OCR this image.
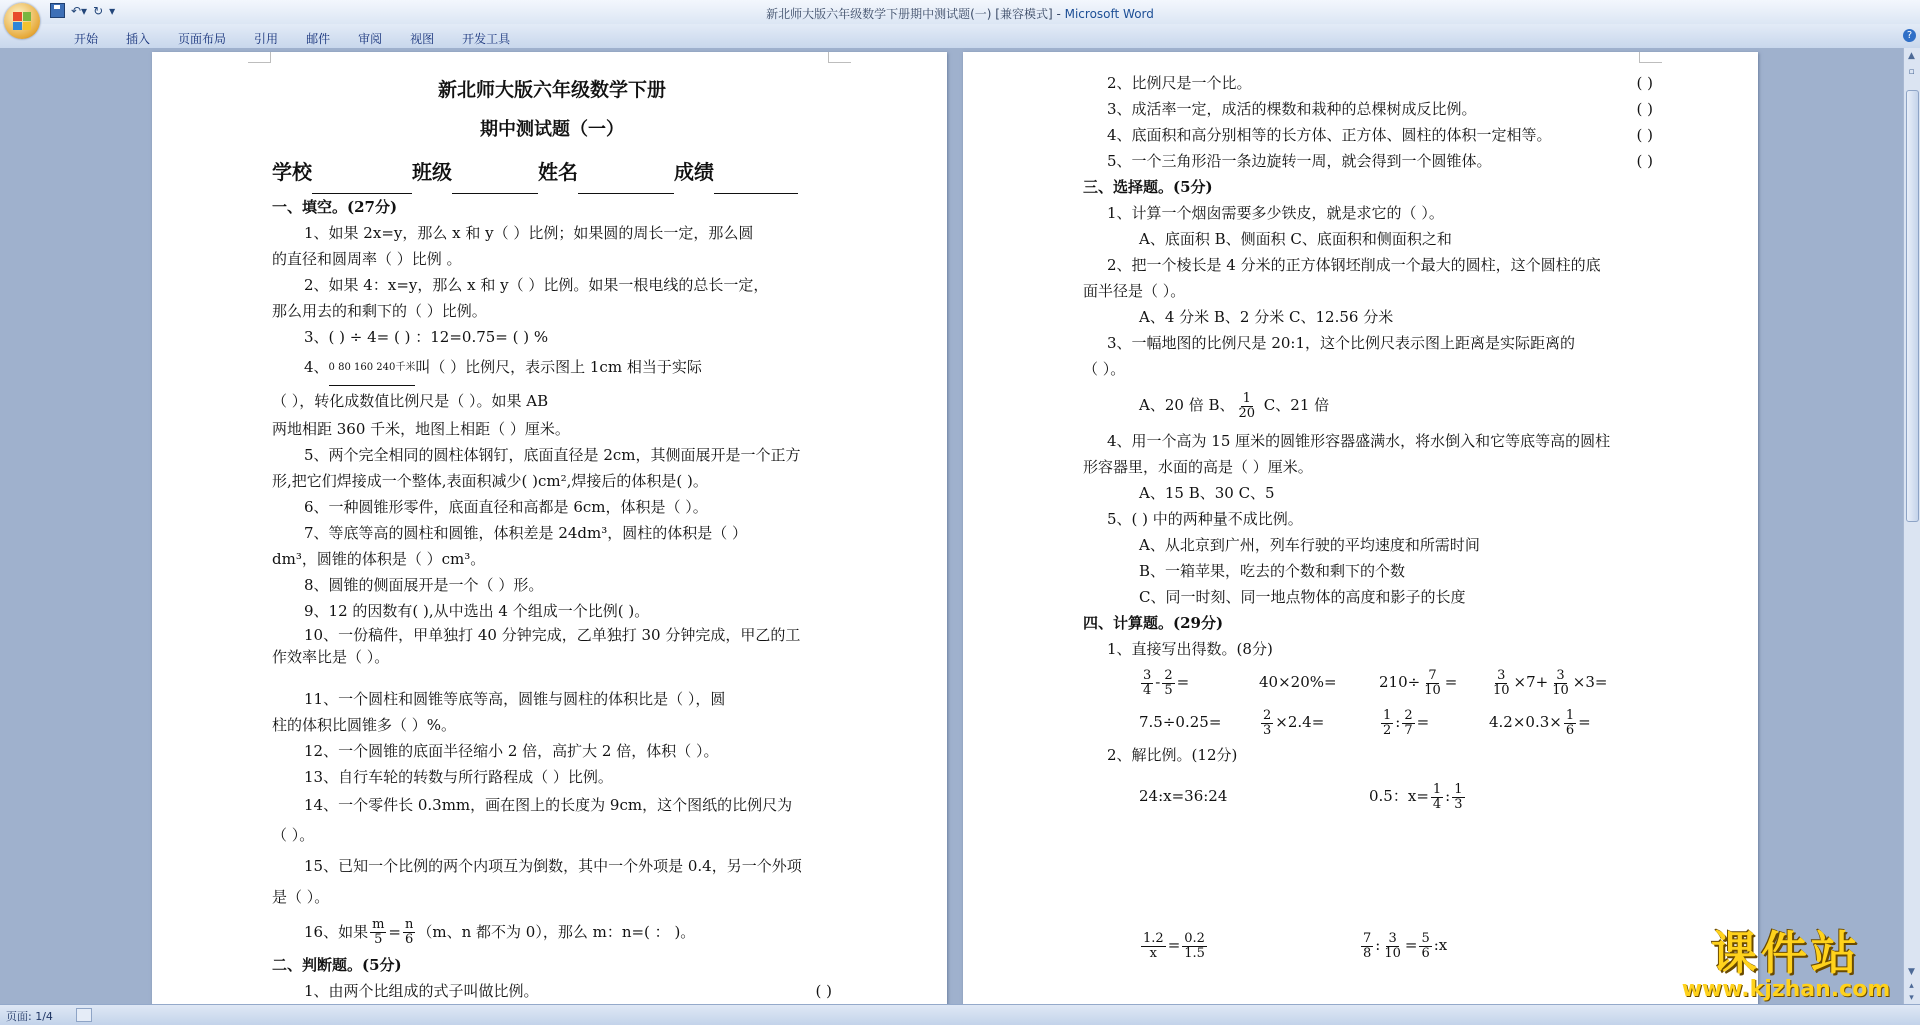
新北师大版六年级数学下册期中测试题(一) [兼容模式] - Microsoft Word
↶▾ ↻ ▾
开始	插入	页面布局	引用	邮件	审阅	视图	开发工具	?
新北师大版六年级数学下册
期中测试题（一）
学校	班级	姓名	成绩
一、填空。(27分)
1、如果 2x=y，那么 x 和 y（ ）比例；如果圆的周长一定，那么圆
的直径和圆周率（ ）比例 。
2、如果 4：x=y，那么 x 和 y（ ）比例。如果一根电线的总长一定，
那么用去的和剩下的（ ）比例。
3、( ) ÷ 4= ( ) ：12=0.75= ( ) %
4、0 80 160 240千米叫（ ）比例尺，表示图上 1cm 相当于实际
（ ），转化成数值比例尺是（ ）。如果 AB
两地相距 360 千米，地图上相距（ ）厘米。
5、两个完全相同的圆柱体钢钉，底面直径是 2cm，其侧面展开是一个正方
形,把它们焊接成一个整体,表面积减少( )cm²,焊接后的体积是( )。
6、一种圆锥形零件，底面直径和高都是 6cm，体积是（ ）。
7、等底等高的圆柱和圆锥，体积差是 24dm³，圆柱的体积是（ ）
dm³，圆锥的体积是（ ）cm³。
8、圆锥的侧面展开是一个（ ）形。
9、12 的因数有( ),从中选出 4 个组成一个比例( )。
10、一份稿件，甲单独打 40 分钟完成，乙单独打 30 分钟完成，甲乙的工
作效率比是（ ）。
11、一个圆柱和圆锥等底等高，圆锥与圆柱的体积比是（ ），圆
柱的体积比圆锥多（ ）%。
12、一个圆锥的底面半径缩小 2 倍，高扩大 2 倍，体积（ ）。
13、自行车轮的转数与所行路程成（ ）比例。
14、一个零件长 0.3mm，画在图上的长度为 9cm，这个图纸的比例尺为
（ ）。
15、已知一个比例的两个内项互为倒数，其中一个外项是 0.4，另一个外项
是（ ）。
16、如果 $\frac{m}{5} = \frac{n}{6} (m$、n 都不为 0），那么 m：n=( ： )。
二、判断题。(5分)
1、由两个比组成的式子叫做比例。	( )
2、比例尺是一个比。	( )
3、成活率一定，成活的棵数和栽种的总棵树成反比例。	( )
4、底面积和高分别相等的长方体、正方体、圆柱的体积一定相等。	( )
5、一个三角形沿一条边旋转一周，就会得到一个圆锥体。	( )
三、选择题。(5分)
1、计算一个烟囱需要多少铁皮，就是求它的（ ）。
A、底面积 B、侧面积 C、底面积和侧面积之和
2、把一个棱长是 4 分米的正方体钢坯削成一个最大的圆柱，这个圆柱的底
面半径是（ ）。
A、4 分米 B、2 分米 C、12.56 分米
3、一幅地图的比例尺是 20:1，这个比例尺表示图上距离是实际距离的
（ ）。
A、20 倍 B、 $\frac{1}{20}$ C、21 倍
4、用一个高为 15 厘米的圆锥形容器盛满水，将水倒入和它等底等高的圆柱
形容器里，水面的高是（ ）厘米。
A、15 B、30 C、5
5、( ) 中的两种量不成比例。
A、从北京到广州，列车行驶的平均速度和所需时间
B、一箱苹果，吃去的个数和剩下的个数
C、同一时刻、同一地点物体的高度和影子的长度
四、计算题。(29分)
1、直接写出得数。(8分)
$\frac{3}{4} - \frac{2}{5}$ =	40×20%=	$210\div \frac{7}{10}$ =	$\frac{3}{10} \times 7+ \frac{3}{10} \times 3=$
7.5÷0.25=	$\frac{2}{3} \times 2.4=$	$\frac{1}{2}$ : $\frac{2}{7}$ =	$4.2\times 0.3\times \frac{1}{6}$ =
2、解比例。(12分)
24:x=36:24	0.5：$x= \frac{1}{4}$ : $\frac{1}{3}$
$\frac{1.2}{x} = \frac{0.2}{1.5}$	$\frac{7}{8}$ : $\frac{3}{10} = \frac{5}{6}$ :x
▲
▫
▼
▴
▾
页面: 1/4
课件站
www.kjzhan.com
